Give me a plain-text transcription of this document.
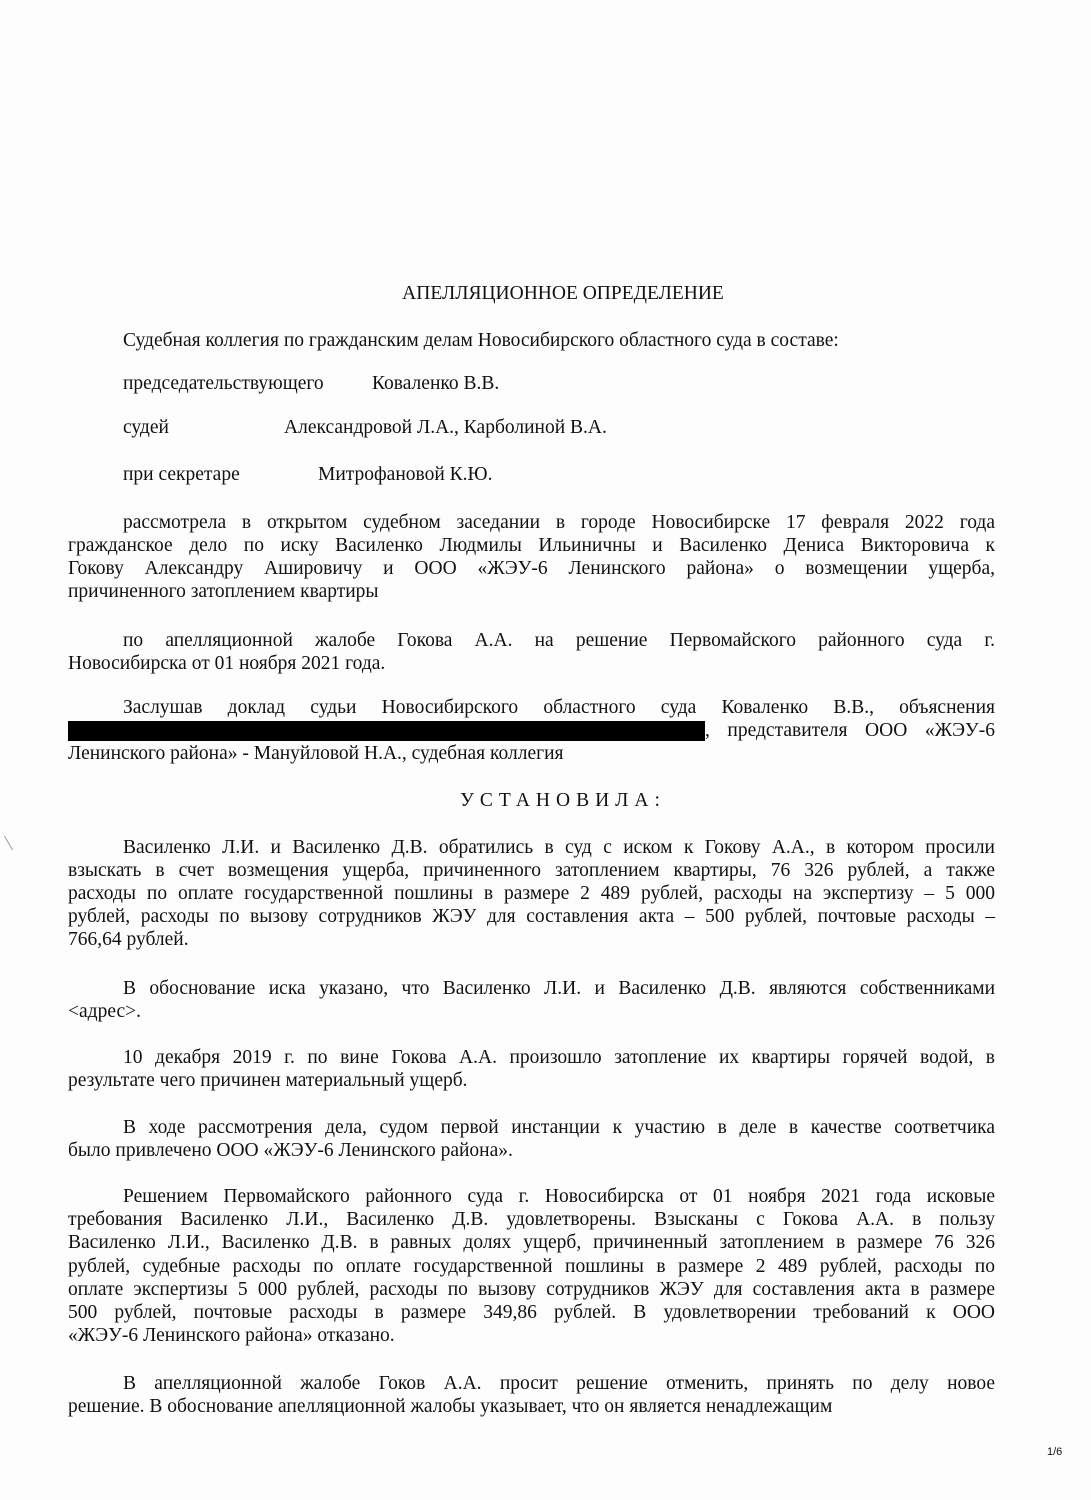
АПЕЛЛЯЦИОННОЕ ОПРЕДЕЛЕНИЕ
Судебная коллегия по гражданским делам Новосибирского областного суда в составе:
председательствующего Коваленко В.В.
судей	Александровой Л.А., Карболиной В.А.
при секретаре	Митрофановой К.Ю.
УСТАНОВИЛА:
рассмотрела в открытом судебном заседании в городе Новосибирске 17 февраля 2022 года
гражданское дело по иску Василенко Людмилы Ильиничны и Василенко Дениса Викторовича к
Гокову Александру Ашировичу и ООО «ЖЭУ-6 Ленинского района» о возмещении ущерба,
причиненного затоплением квартиры
по апелляционной жалобе Гокова А.А. на решение Первомайского районного суда г.
Новосибирска от 01 ноября 2021 года.
Заслушав доклад судьи Новосибирского областного суда Коваленко В.В., объяснения
, представителя ООО «ЖЭУ-6
Ленинского района» - Мануйловой Н.А., судебная коллегия
Василенко Л.И. и Василенко Д.В. обратились в суд с иском к Гокову А.А., в котором просили
взыскать в счет возмещения ущерба, причиненного затоплением квартиры, 76 326 рублей, а также
расходы по оплате государственной пошлины в размере 2 489 рублей, расходы на экспертизу – 5 000
рублей, расходы по вызову сотрудников ЖЭУ для составления акта – 500 рублей, почтовые расходы –
766,64 рублей.
В обоснование иска указано, что Василенко Л.И. и Василенко Д.В. являются собственниками
<адрес>.
10 декабря 2019 г. по вине Гокова А.А. произошло затопление их квартиры горячей водой, в
результате чего причинен материальный ущерб.
В ходе рассмотрения дела, судом первой инстанции к участию в деле в качестве соответчика
было привлечено ООО «ЖЭУ-6 Ленинского района».
Решением Первомайского районного суда г. Новосибирска от 01 ноября 2021 года исковые
требования Василенко Л.И., Василенко Д.В. удовлетворены. Взысканы с Гокова А.А. в пользу
Василенко Л.И., Василенко Д.В. в равных долях ущерб, причиненный затоплением в размере 76 326
рублей, судебные расходы по оплате государственной пошлины в размере 2 489 рублей, расходы по
оплате экспертизы 5 000 рублей, расходы по вызову сотрудников ЖЭУ для составления акта в размере
500 рублей, почтовые расходы в размере 349,86 рублей. В удовлетворении требований к ООО
«ЖЭУ-6 Ленинского района» отказано.
В апелляционной жалобе Гоков А.А. просит решение отменить, принять по делу новое
решение. В обоснование апелляционной жалобы указывает, что он является ненадлежащим
1/6
